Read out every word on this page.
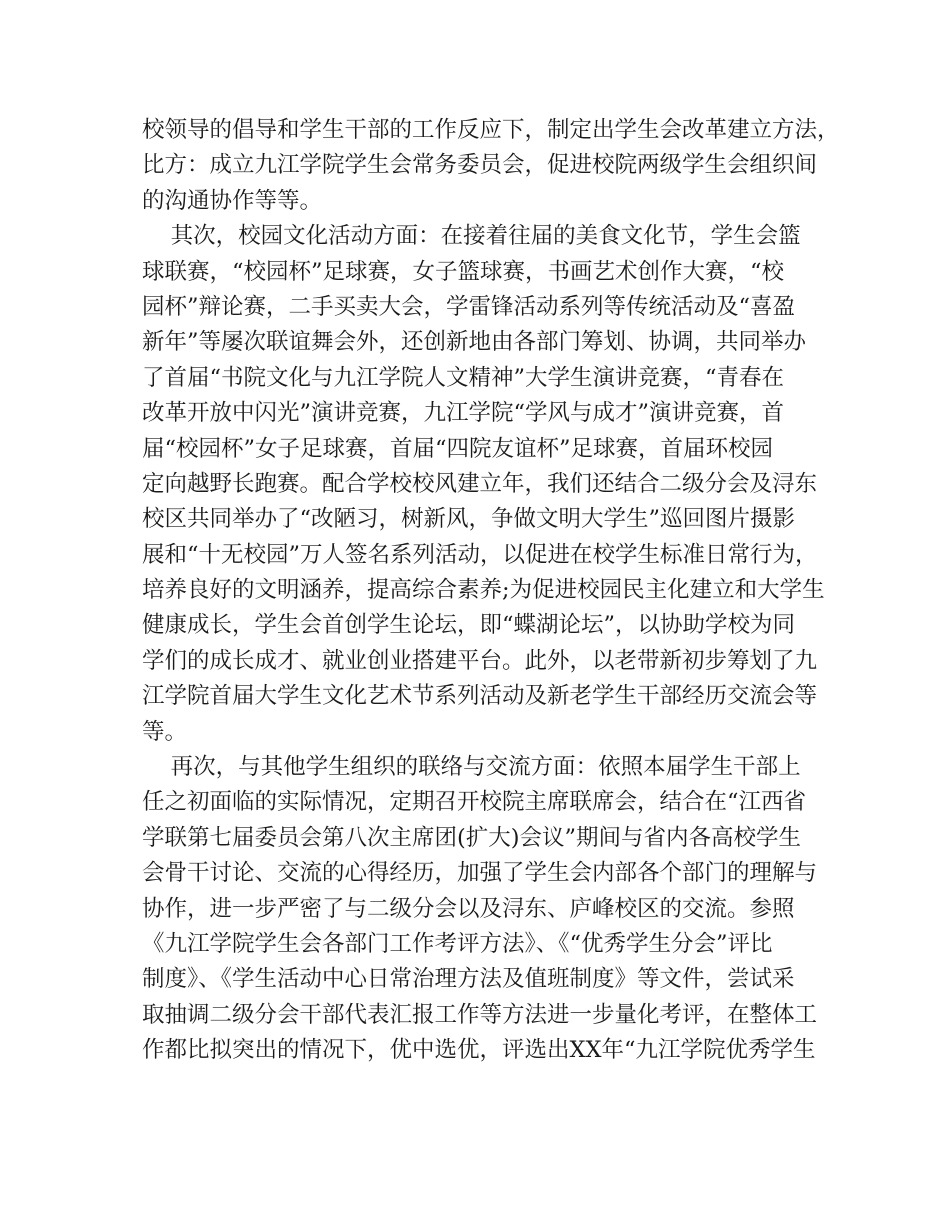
校领导的倡导和学生干部的工作反应下，制定出学生会改革建立方法，
比方：成立九江学院学生会常务委员会，促进校院两级学生会组织间
的沟通协作等等。
其次，校园文化活动方面：在接着往届的美食文化节，学生会篮
球联赛，“校园杯”足球赛，女子篮球赛，书画艺术创作大赛，“校
园杯”辩论赛，二手买卖大会，学雷锋活动系列等传统活动及“喜盈
新年”等屡次联谊舞会外，还创新地由各部门筹划、协调，共同举办
了首届“书院文化与九江学院人文精神”大学生演讲竞赛，“青春在
改革开放中闪光”演讲竞赛，九江学院“学风与成才”演讲竞赛，首
届“校园杯”女子足球赛，首届“四院友谊杯”足球赛，首届环校园
定向越野长跑赛。配合学校校风建立年，我们还结合二级分会及浔东
校区共同举办了“改陋习，树新风，争做文明大学生”巡回图片摄影
展和“十无校园”万人签名系列活动，以促进在校学生标准日常行为，
培养良好的文明涵养，提高综合素养;为促进校园民主化建立和大学生
健康成长，学生会首创学生论坛，即“蝶湖论坛”，以协助学校为同
学们的成长成才、就业创业搭建平台。此外，以老带新初步筹划了九
江学院首届大学生文化艺术节系列活动及新老学生干部经历交流会等
等。
再次，与其他学生组织的联络与交流方面：依照本届学生干部上
任之初面临的实际情况，定期召开校院主席联席会，结合在“江西省
学联第七届委员会第八次主席团(扩大)会议”期间与省内各高校学生
会骨干讨论、交流的心得经历，加强了学生会内部各个部门的理解与
协作，进一步严密了与二级分会以及浔东、庐峰校区的交流。参照
《九江学院学生会各部门工作考评方法》、《“优秀学生分会”评比
制度》、《学生活动中心日常治理方法及值班制度》等文件，尝试采
取抽调二级分会干部代表汇报工作等方法进一步量化考评，在整体工
作都比拟突出的情况下，优中选优，评选出XX年“九江学院优秀学生
